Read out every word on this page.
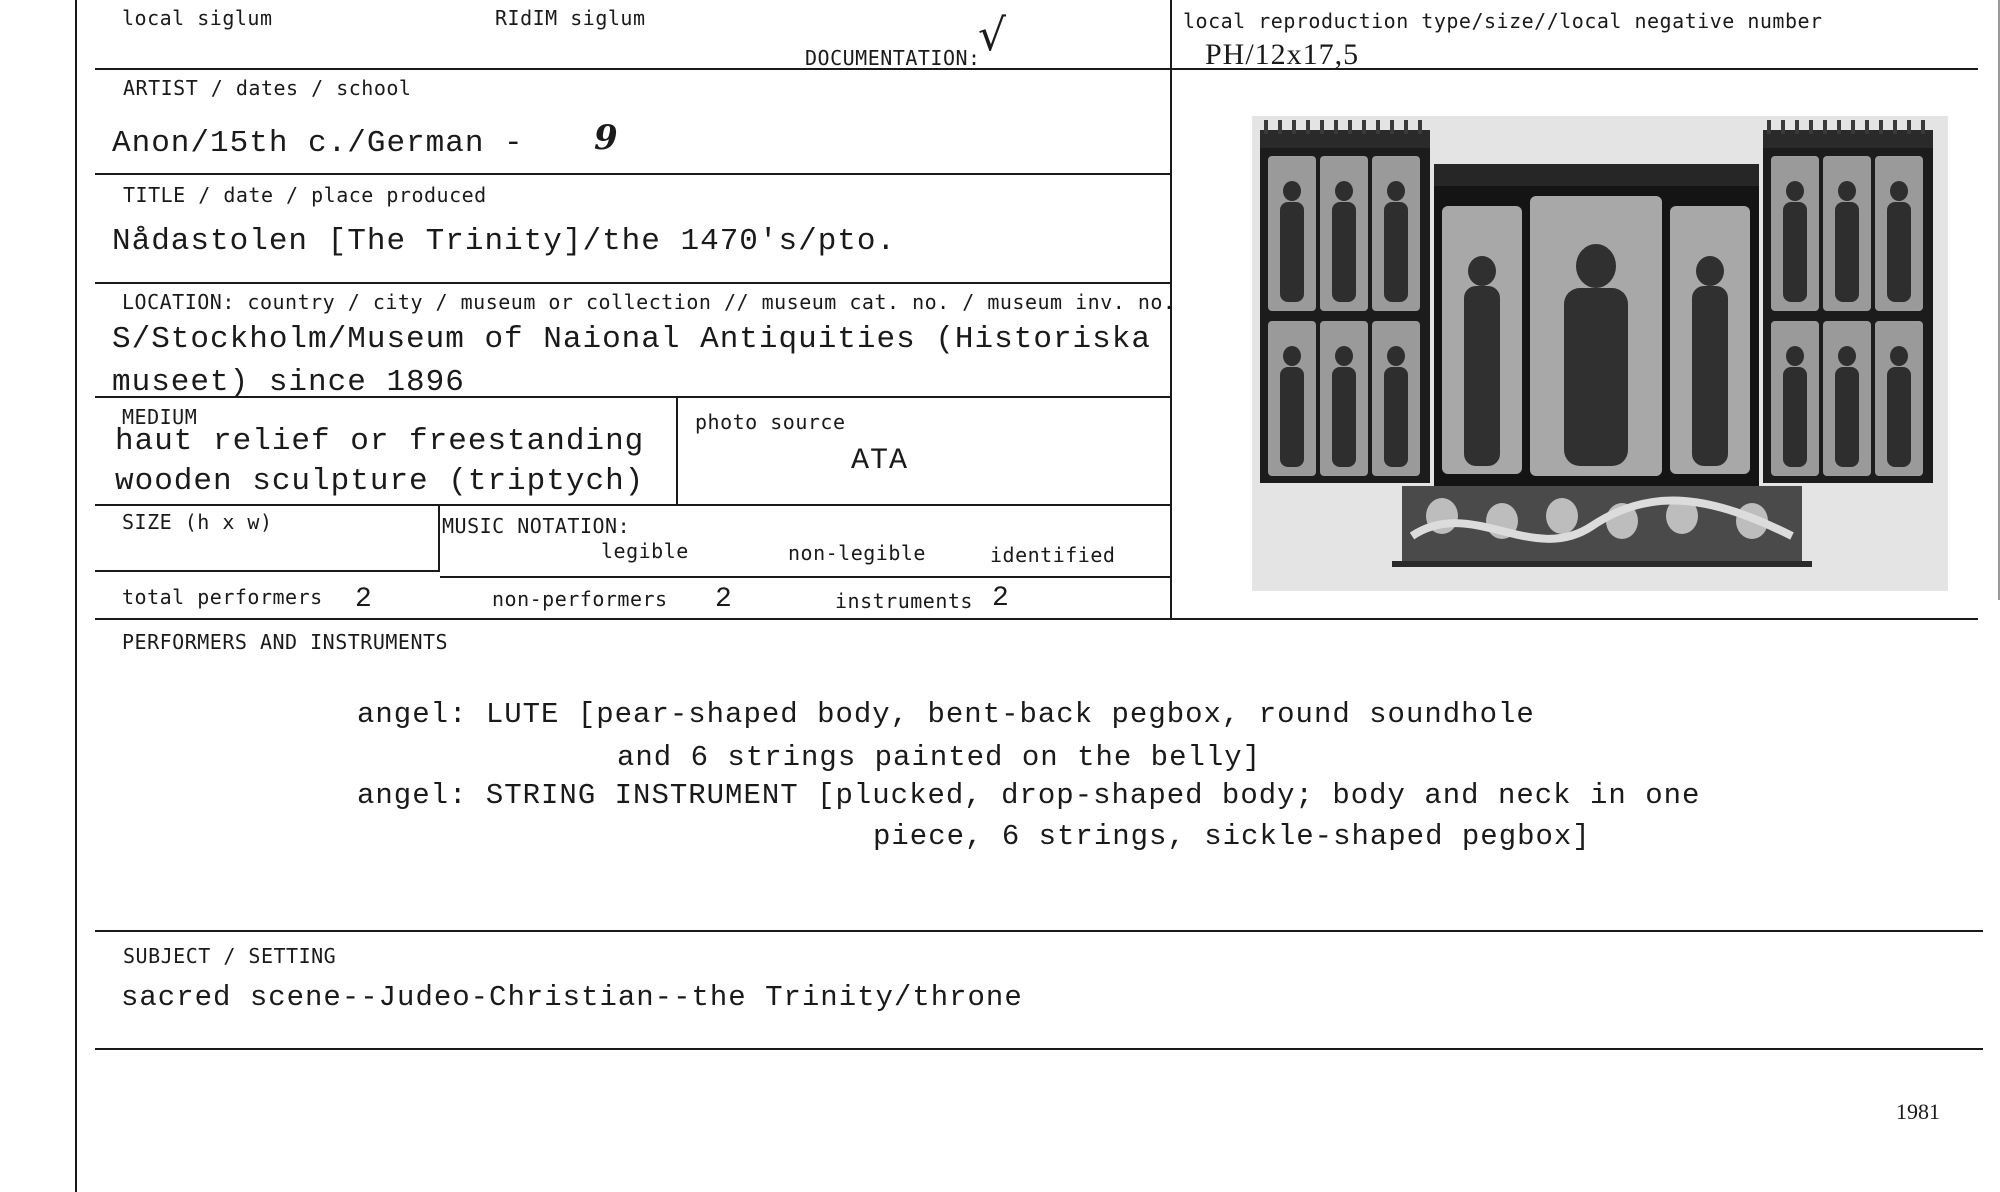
local siglum	RIdIM siglum
DOCUMENTATION:
√	local reproduction type/size//local negative number
PH/12x17,5
ARTIST / dates / school
Anon/15th c./German - 9
TITLE / date / place produced
Nådastolen [The Trinity]/the 1470's/pto.
LOCATION: country / city / museum or collection // museum cat. no. / museum inv. no.
S/Stockholm/Museum of Naional Antiquities (Historiska
museet) since 1896
MEDIUM
haut relief or freestanding
wooden sculpture (triptych)
photo source
ATA
SIZE (h x w)	MUSIC NOTATION:
legible	non-legible	identified
total performers 2	non-performers 2	instruments 2
PERFORMERS AND INSTRUMENTS
angel: LUTE [pear-shaped body, bent-back pegbox, round soundhole
and 6 strings painted on the belly]
angel: STRING INSTRUMENT [plucked, drop-shaped body; body and neck in one
piece, 6 strings, sickle-shaped pegbox]
SUBJECT / SETTING
sacred scene--Judeo-Christian--the Trinity/throne
1981
